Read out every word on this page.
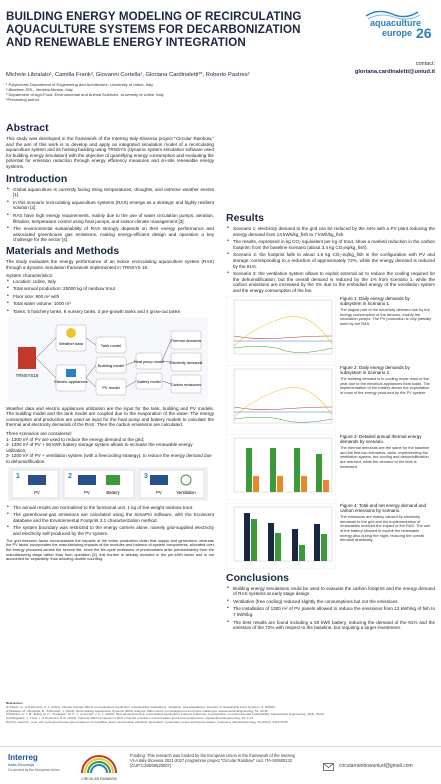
BUILDING ENERGY MODELING OF RECIRCULATING
AQUACULTURE SYSTEMS FOR DECARBONIZATION
AND RENEWABLE ENERGY INTEGRATION
aquaculture
europe 26
contact:
gloriana.cardinaletti@uniud.it
Michele Libralato¹, Camilla Frank², Giovanni Cortella¹, Gloriana Cardinaletti³*, Roberto Pastres²
¹ Polytechnic Department of Engineering and Architecture, University of Udine, Italy
² Bluefarm SRL, Venezia Mestre, Italy
³ Department of Agri-Food, Environmental and Animal Sciences, University of Udine, Italy
*Presenting author
Abstract

This study was developed in the framework of the Interreg Italy-Slovenia project "Circular Rainbow," and the aim of this work is to develop and apply an integrated simulation model of a recirculating aquaculture system and its hosting building using TRNSYS (dynamic system simulation software used for building energy simulation) with the objective of quantifying energy consumption and evaluating the potential for emission reduction through energy efficiency measures and on-site renewable energy systems.

Introduction
• Global aquaculture is currently facing rising temperatures, droughts, and extreme weather events [1].
• In this scenario recirculating aquaculture systems (RAS) emerge as a strategic and highly resilient solution [2].
• RAS have high energy requirements, mainly due to the use of water circulation pumps, aeration, filtration, temperature control using heat pumps, and indoor climate management [3].
• The environmental sustainability of RAS strongly depends on their energy performance and associated greenhouse gas emissions, making energy-efficient design and operation a key challenge for the sector [4].
Materials and Methods

The study evaluates the energy performance of an indoor recirculating aquaculture system (RAS) through a dynamic simulation framework implemented in TRNSYS 18.

System characteristics:
• Location: Udine, Italy
• Total annual production: 25000 kg of rainbow trout
• Floor size: 900 m² with
• Total water volume: 1000 m³
• Tanks: 5 hatchery tanks, 6 nursery tanks, 3 pre-growth tanks and 4 grow-out tanks
TRNSYS18
Weather data
Electric appliances
Tank model
Building model
PV model
Heat pump model
Battery model
Thermal demands
Electricity demands
Carbon emissions

Weather data and electric appliances utilization are the input for the tank, building and PV models. The building model and the tank model are coupled due to the evaporation of the water. The energy consumption and production are used as input for the heat pump and battery models to calculate the thermal and electricity demands of the RAS. Then the carbon emissions are calculated.

Three scenarios are considered:
1- 1300 m² of PV are used to reduce the energy demand to the grid;
2- 1300 m² of PV + 50 kWh battery storage system allows to increase the renewable energy utilization;
3- 1300 m² of PV + ventilation system (with a freecooling strategy), to reduce the energy demand due to dehumidification.
PV	PV	Battery	PV	Ventilation
1	2	3
• The annual results are normalized to the functional unit, 1 kg of live-weight rainbow trout.
• The greenhouse-gas emissions are calculated using the SimaPro software, with the Ecoinvent database and the Environmental Footprint 3.1 characterization method.
• The system boundary was restricted to the energy carriers alone, namely grid-supplied electricity and electricity self-produced by the PV system.

The grid emission factor encompasses the impacts of the entire production chain that supply and generation, whereas the PV factor incorporates the manufacturing impacts of the modules and balance-of-system components, allocated over the energy produced across the service life, since the life-cycle emissions of photovoltaics arise predominantly from the manufacturing stage rather than from operation [5], this burden is already included in the per-kWh factor and is not accounted for separately, thus avoiding double counting.

Results
• Scenario 1: electricity demand to the grid can be reduced by the 44% with a PV plant reducing the energy demand from 13 kWh/kg_fish to 7 kWh/kg_fish.
• The results, expressed in kg CO₂ equivalent per kg of trout, show a marked reduction in the carbon footprint: from the baseline scenario (about 3.4 kg CO₂eq/kg_fish).
• Scenario 2: the footprint falls to about 1.5 kg CO₂-eq/kg_fish in the configuration with PV and storage, corresponding to a reduction of approximately 72%, while the energy demand is reduced by the 91%.
• Scenario 3: the ventilation system allows to exploit external air to reduce the cooling required for the dehumidification, but the overall demand is reduced by the 1% from scenario 1, while the carbon emissions are increased by the 2% due to the embodied energy of the ventilation system and the energy consumption of the fan.
Figure 1: Daily energy demands by subsystem in Scenario 1.
The largest part of the electricity demand due by the energy consumption of the devices, mainly the circulation pumps. The PV production is only partially used by the RAS.
Figure 2: Daily energy demands by subsystem in Scenario 2.
The building demand is in cooling mode most of the year due to the electrical appliances heat loads. The implementation of the battery allows the exploitation of most of the energy produced by the PV system.
Figure 3: Detailed annual thermal energy demands by scenario.
The thermal demands are the same for the baseline and the first two scenarios, while, implementing the ventilation system, the cooling and dehumidification are reduced, while the demand of the tank is increased.
Figure 4: Total and net energy demand and carbon emissions by scenario.
The emissions are mainly caused by electricity demands to the grid and the implementation of renewables reduced the impact of the RAS. The use of the battery allowed to exploit the renewable energy also during the night, reducing the overall demand drastically.
Conclusions
• Building energy simulations could be used to evaluate the carbon footprint and the energy demand of RAS systems at early stage design
• Ventilation (free cooling) reduced slightly the consumptions but not the emissions.
• The installation of 1300 m² of PV panels allowed to reduce the emissions from 13 kWh/kg of fish to 7 kWh/kg.
• The best results are found including a 50 kWh battery, reducing the demand of the 91% and the emission of the 72% with respect to the baseline, but requiring a larger investment.
References
[1] Maulu, S., & Hasimuna, O. J. (2021). Climate change effects on aquaculture production: sustainability implications, mitigation, and adaptations. Frontiers in Sustainable Food Systems, 5, 609097.
[2] Badiola, M., Mendiola, D., & Bostock, J. (2012). Recirculating Aquaculture Systems (RAS) analysis: Main issues on management and future challenges. Aquacultural Engineering, 51, 26-35.
[3] Martins, C. I. M., Eding, E. H., Verdegem, M. C. J., & Verreth, J. A. J. (2010). New developments in recirculating aquaculture systems in Europe: A perspective on environmental sustainability. Aquacultural Engineering, 43(3), 83-93.
[4] Dalsgaard, J., Lund, I., & Pedersen, P. B. (2013). Farming different species in RAS in Nordic countries: Current status and future perspectives. Aquacultural Engineering, 53, 2-13.
[5] Hsu, David D., et al. Life cycle greenhouse gas emissions of crystalline silicon photovoltaic electricity generation: systematic review and harmonization. Journal of Industrial Ecology 16 (2012): S122-S135.
Interreg
Italia-Slovenija
Co-funded by the European Union
CIRCULAR RAINBOW
Funding: This research was funded by the European Union in the framework of the Interreg VI-A Italy-Slovenia 2021-2027 programme project "Circular Rainbow" cod. ITA-SI0600132 (CUP:C29D00620007)	circularrainbowuniud@gmail.com
